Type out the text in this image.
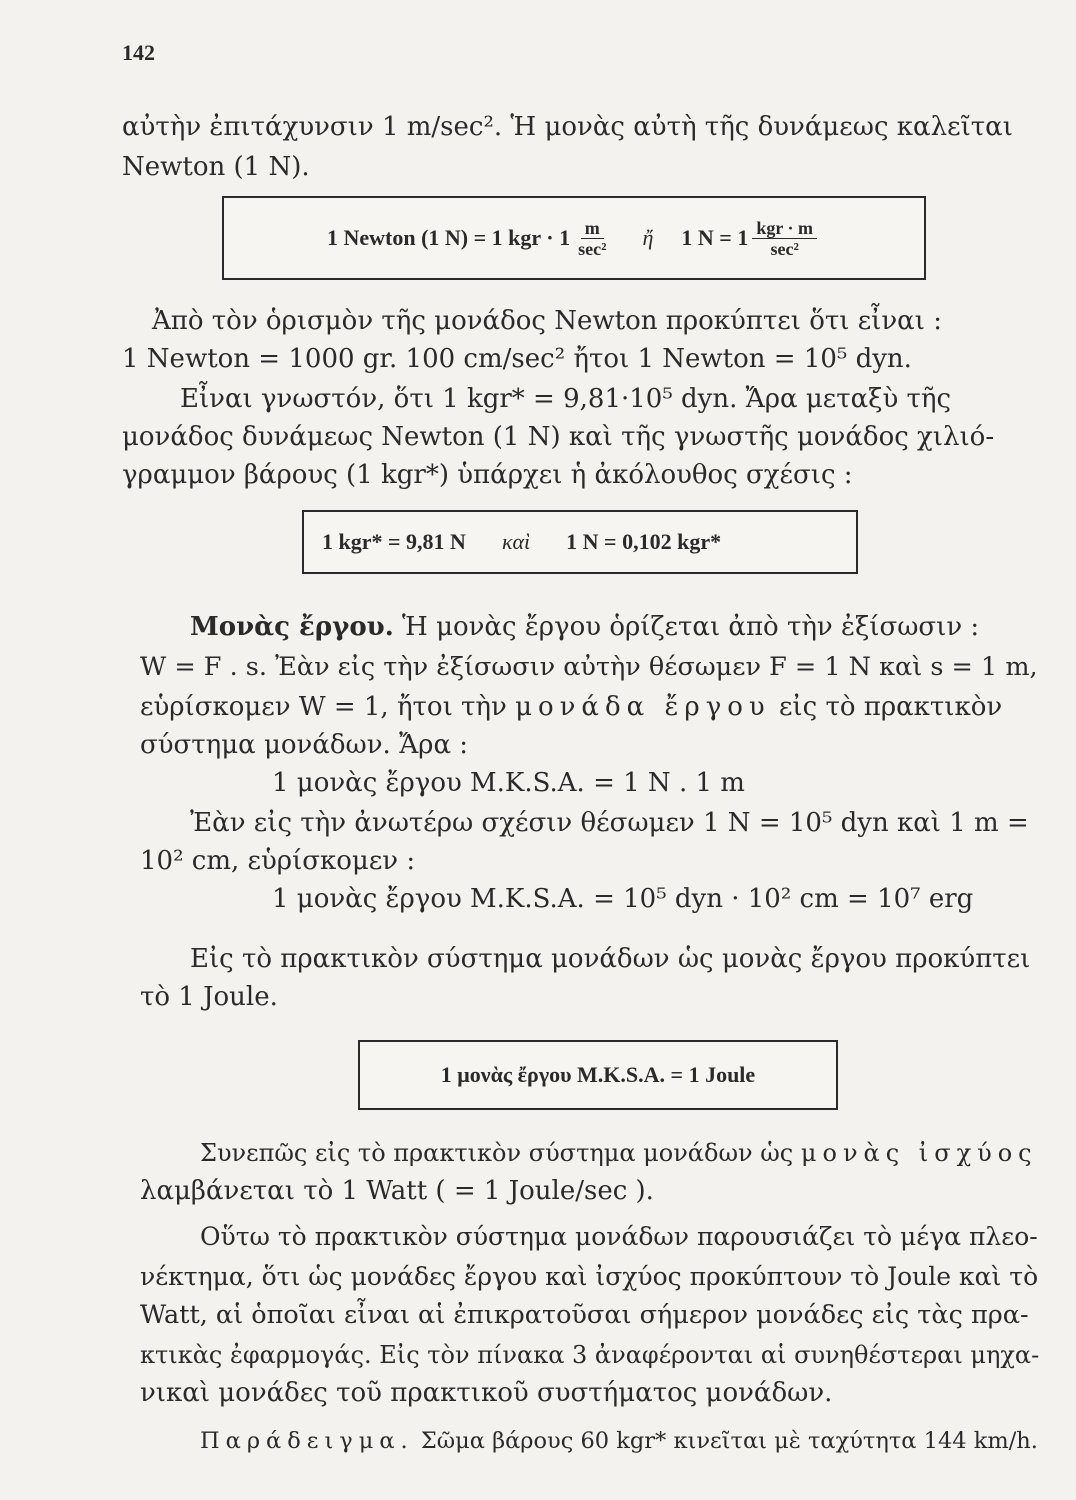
142
αὐτὴν ἐπιτάχυνσιν 1 m/sec². Ἡ μονὰς αὐτὴ τῆς δυνάμεως καλεῖται
Newton (1 N).
1 Newton (1 N) = 1 kgr · $1 \frac{m}{\text{sec²}}$ ἤ 1 $N = 1 \frac{\text{kgr · m}}{\text{sec²}}$
Ἀπὸ τὸν ὁρισμὸν τῆς μονάδος Newton προκύπτει ὅτι εἶναι :
1 Newton = 1000 gr. 100 cm/sec² ἤτοι 1 Newton = 10⁵ dyn.
Εἶναι γνωστόν, ὅτι 1 kgr* = 9,81·10⁵ dyn. Ἄρα μεταξὺ τῆς
μονάδος δυνάμεως Newton (1 N) καὶ τῆς γνωστῆς μονάδος χιλιό-
γραμμον βάρους (1 kgr*) ὑπάρχει ἡ ἀκόλουθος σχέσις :
1 kgr* = 9,81 N καὶ 1 N = 0,102 kgr*
Μονὰς ἔργου. Ἡ μονὰς ἔργου ὁρίζεται ἀπὸ τὴν ἐξίσωσιν :
W = F . s. Ἐὰν εἰς τὴν ἐξίσωσιν αὐτὴν θέσωμεν F = 1 N καὶ s = 1 m,
εὑρίσκομεν W = 1, ἤτοι τὴν μονάδα ἔργου εἰς τὸ πρακτικὸν
σύστημα μονάδων. Ἄρα :
1 μονὰς ἔργου M.K.S.A. = 1 N . 1 m
Ἐὰν εἰς τὴν ἀνωτέρω σχέσιν θέσωμεν 1 N = 10⁵ dyn καὶ 1 m =
10² cm, εὑρίσκομεν :
1 μονὰς ἔργου M.K.S.A. = 10⁵ dyn · 10² cm = 10⁷ erg
Εἰς τὸ πρακτικὸν σύστημα μονάδων ὡς μονὰς ἔργου προκύπτει
τὸ 1 Joule.
1 μονὰς ἔργου M.K.S.A. = 1 Joule
Συνεπῶς εἰς τὸ πρακτικὸν σύστημα μονάδων ὡς μονὰς ἰσχύος
λαμβάνεται τὸ 1 Watt ( = 1 Joule/sec ).
Οὕτω τὸ πρακτικὸν σύστημα μονάδων παρουσιάζει τὸ μέγα πλεο-
νέκτημα, ὅτι ὡς μονάδες ἔργου καὶ ἰσχύος προκύπτουν τὸ Joule καὶ τὸ
Watt, αἱ ὁποῖαι εἶναι αἱ ἐπικρατοῦσαι σήμερον μονάδες εἰς τὰς πρα-
κτικὰς ἐφαρμογάς. Εἰς τὸν πίνακα 3 ἀναφέρονται αἱ συνηθέστεραι μηχα-
νικαὶ μονάδες τοῦ πρακτικοῦ συστήματος μονάδων.
Παράδειγμα. Σῶμα βάρους 60 kgr* κινεῖται μὲ ταχύτητα 144 km/h.
